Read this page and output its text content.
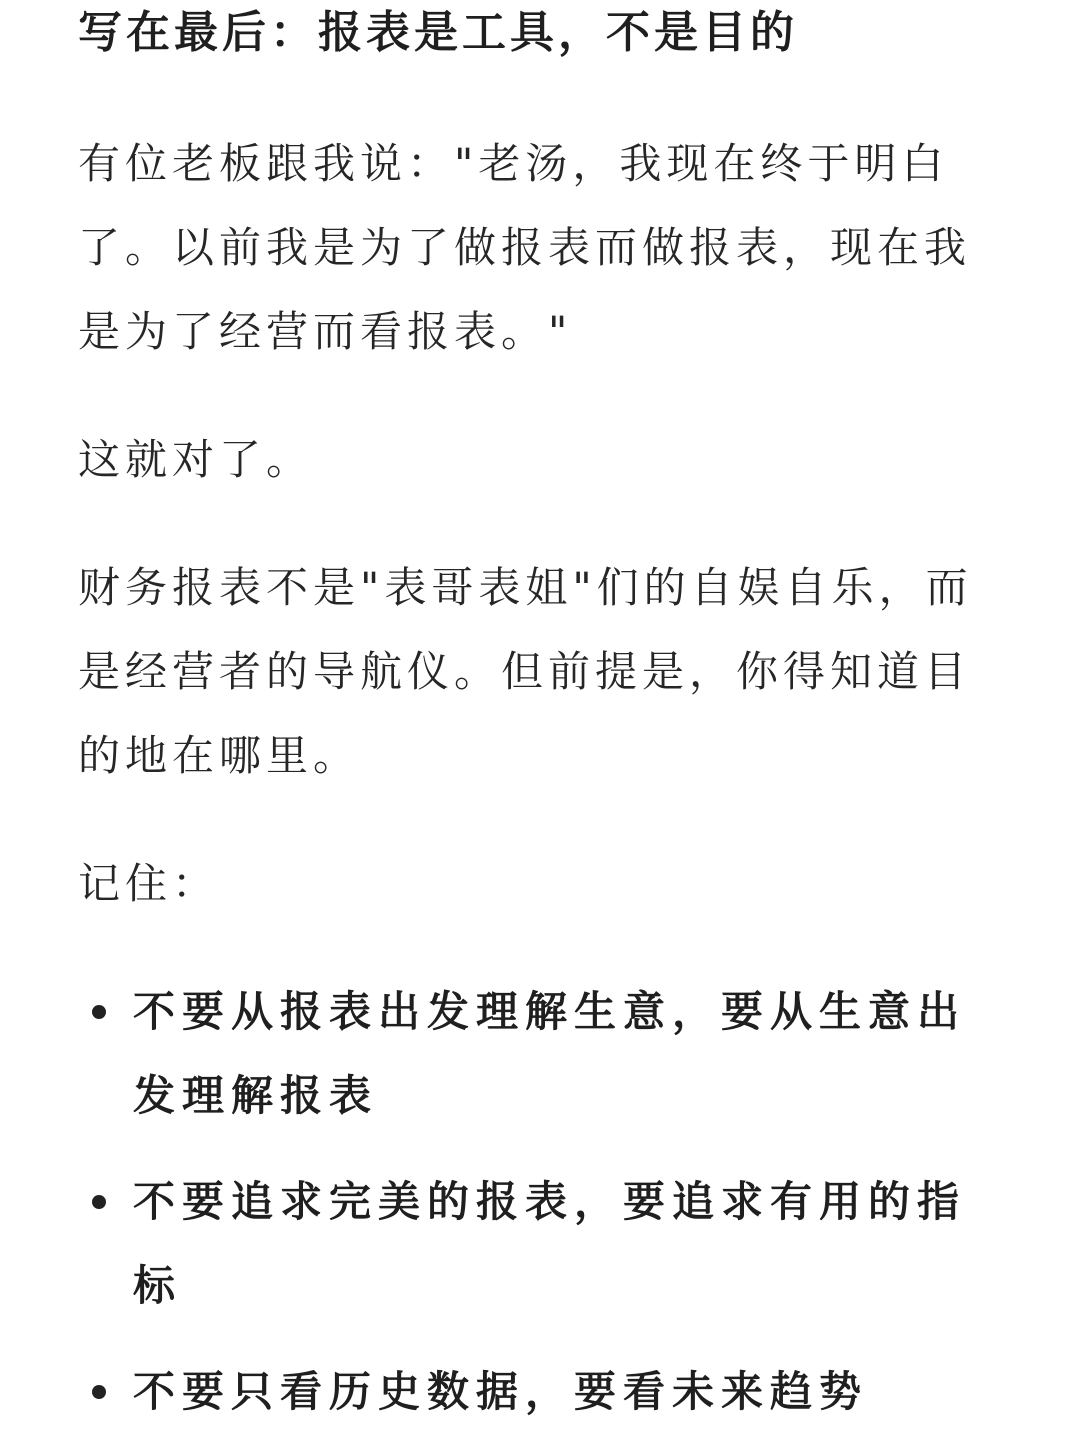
写在最后：报表是工具，不是目的

有位老板跟我说："老汤，我现在终于明白了。以前我是为了做报表而做报表，现在我是为了经营而看报表。"

这就对了。

财务报表不是"表哥表姐"们的自娱自乐，而是经营者的导航仪。但前提是，你得知道目的地在哪里。

记住：

不要从报表出发理解生意，要从生意出发理解报表
不要追求完美的报表，要追求有用的指标
不要只看历史数据，要看未来趋势
